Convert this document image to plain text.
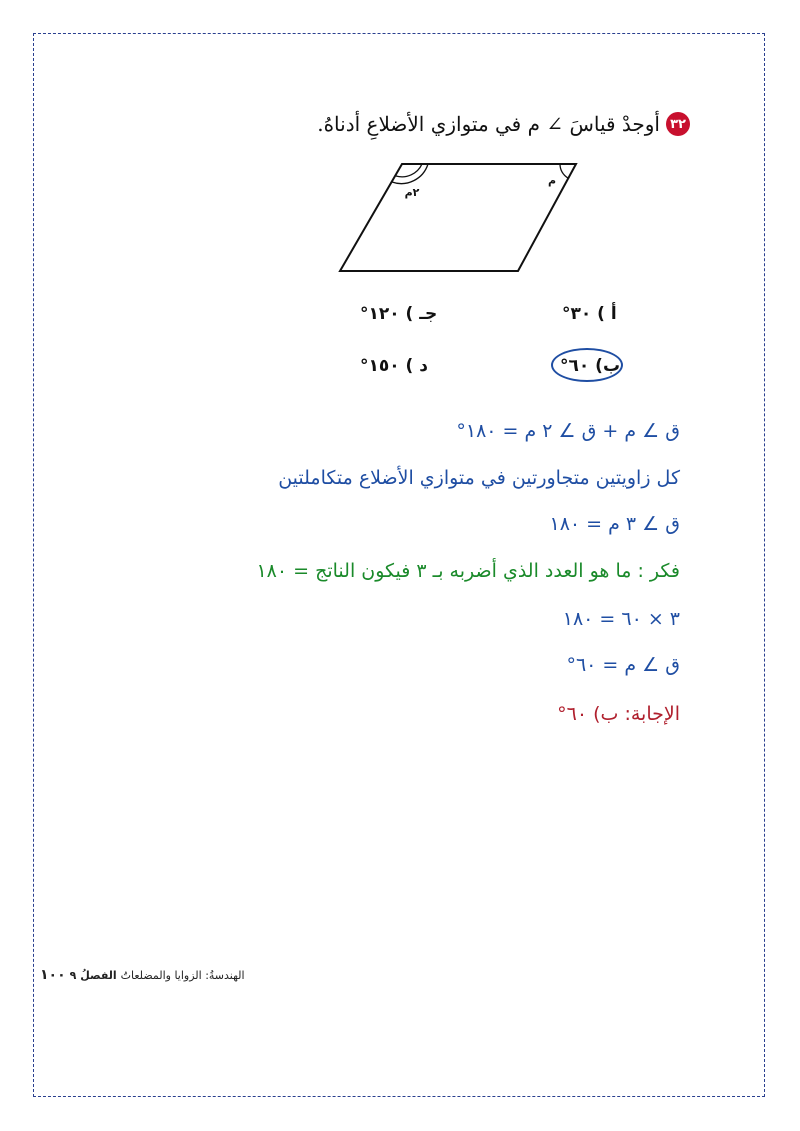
٣٢
أوجدْ قياسَ ∠ م في متوازي الأضلاعِ أدناهُ.
م
٢م
أ ) ٣٠°
جـ ) ١٢٠°
ب) ٦٠°
د ) ١٥٠°
ق ∠ م + ق ∠ ٢ م = ١٨٠°
كل زاويتين متجاورتين في متوازي الأضلاع متكاملتين
ق ∠ ٣ م = ١٨٠
فكر : ما هو العدد الذي أضربه بـ ٣ فيكون الناتج = ١٨٠
٣ × ٦٠ = ١٨٠
ق ∠ م = ٦٠°
الإجابة: ب) ٦٠°
١٠٠ الفصلُ ٩ الهندسةُ: الزوايا والمضلعاتُ
